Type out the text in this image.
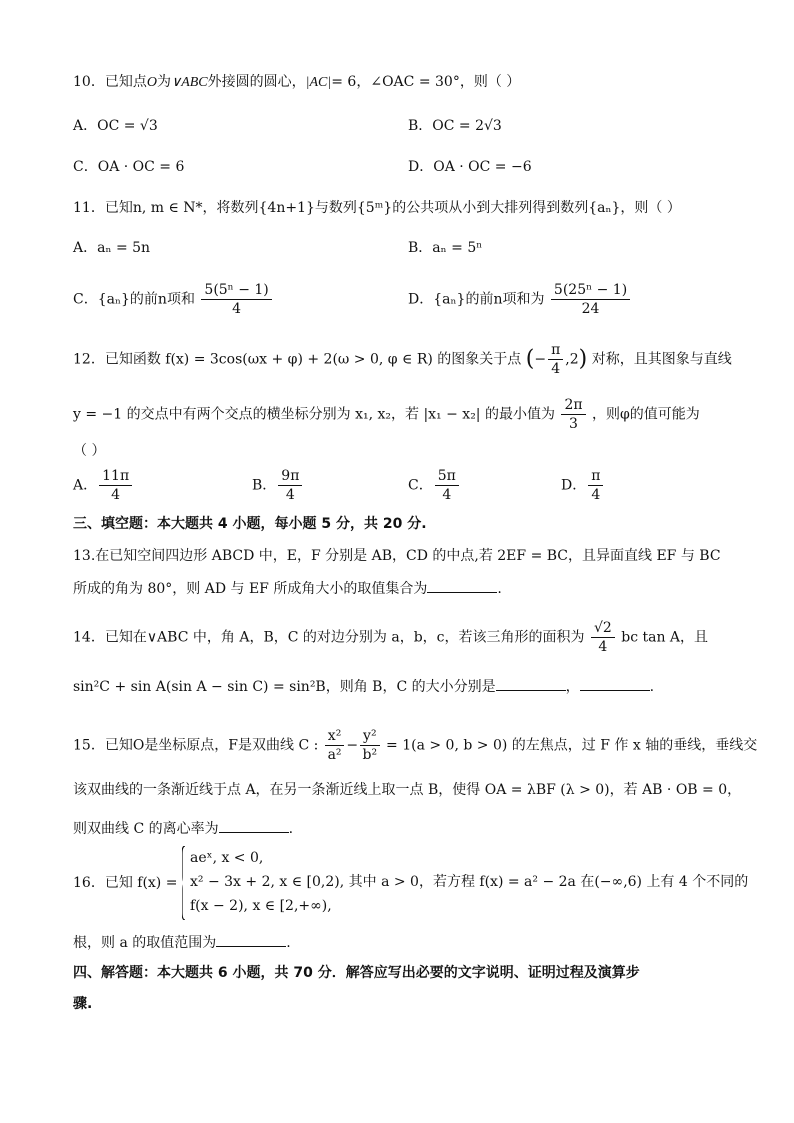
10．已知点O为∨ABC外接圆的圆心，|AC|= 6，∠OAC = 30°，则（ ）
A．OC = √3	B．OC = 2√3
C．OA · OC = 6	D．OA · OC = −6
11．已知n, m ∈ N*，将数列{4n+1}与数列{5ᵐ}的公共项从小到大排列得到数列{aₙ}，则（ ）
A．aₙ = 5n	B．aₙ = 5ⁿ
C．{aₙ}的前n项和 $\frac{\text{5(5ⁿ − 1)}}{4}$	D．{aₙ}的前n项和为 $\frac{\text{5(25ⁿ − 1)}}{24}$
12．已知函数 f(x) = 3cos(ωx + φ) + 2(ω > 0, φ ∈ R) 的图象关于点 (− $\frac{\pi}{4} ,2$) 对称，且其图象与直线
y = −1 的交点中有两个交点的横坐标分别为 x₁, x₂，若 |x₁ − x₂| 的最小值为 $\frac{2\pi}{3}$ ，则φ的值可能为
（ ）
A． $\frac{11\pi}{4}$	B． $\frac{9\pi}{4}$	C． $\frac{5\pi}{4}$	D． $\frac{\pi}{4}$
三、填空题：本大题共 4 小题，每小题 5 分，共 20 分.
13.在已知空间四边形 ABCD 中，E，F 分别是 AB，CD 的中点,若 2EF = BC，且异面直线 EF 与 BC
所成的角为 80°，则 AD 与 EF 所成角大小的取值集合为	.
14．已知在∨ABC 中，角 A，B，C 的对边分别为 a，b，c，若该三角形的面积为 $\frac{√2}{4}$ bc tan A，且
sin²C + sin A(sin A − sin C) = sin²B，则角 B，C 的大小分别是	，	.
15．已知O是坐标原点，F是双曲线 C : $\frac{\text{x²}}{\text{a²}} - \frac{\text{y²}}{\text{b²}} = 1(a > 0$, b > 0) 的左焦点，过 F 作 x 轴的垂线，垂线交
该双曲线的一条渐近线于点 A，在另一条渐近线上取一点 B，使得 OA = λBF (λ > 0)，若 AB · OB = 0，
则双曲线 C 的离心率为	.
16．已知 f(x) =
aeˣ, x < 0,
x² − 3x + 2, x ∈ [0,2), 其中 a > 0，若方程 f(x) = a² − 2a 在(−∞,6) 上有 4 个不同的
f(x − 2), x ∈ [2,+∞),
根，则 a 的取值范围为	.
四、解答题：本大题共 6 小题，共 70 分．解答应写出必要的文字说明、证明过程及演算步
骤.
